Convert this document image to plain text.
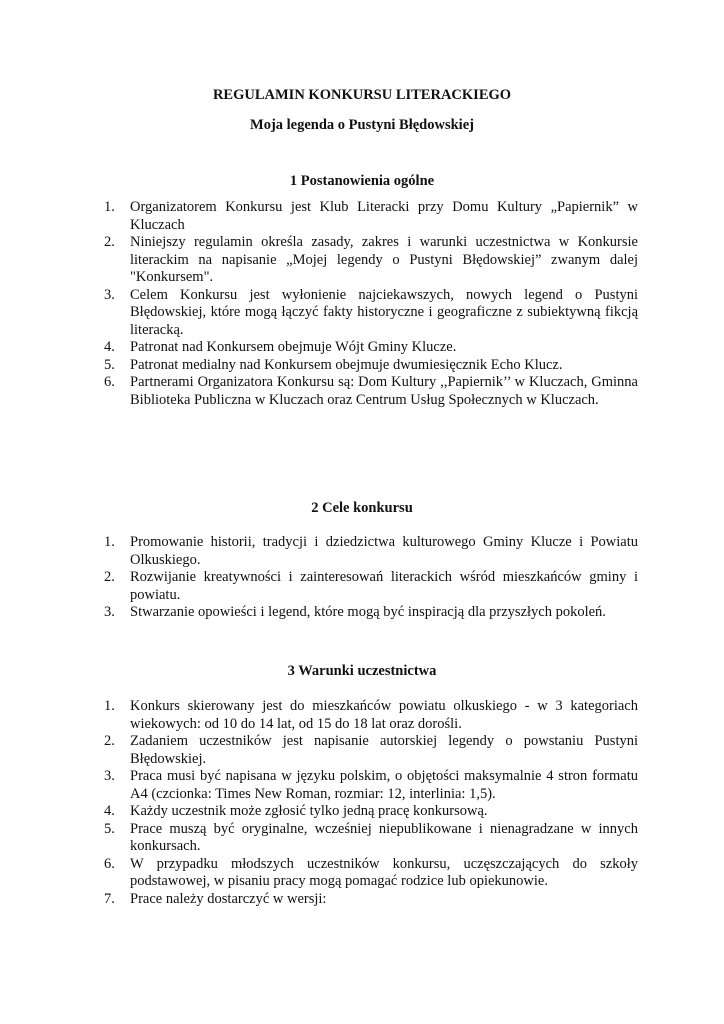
REGULAMIN KONKURSU LITERACKIEGO
Moja legenda o Pustyni Błędowskiej
1 Postanowienia ogólne
1.	Organizatorem Konkursu jest Klub Literacki przy Domu Kultury „Papiernik” w Kluczach
2.	Niniejszy regulamin określa zasady, zakres i warunki uczestnictwa w Konkursie literackim na napisanie „Mojej legendy o Pustyni Błędowskiej” zwanym dalej "Konkursem".
3.	Celem Konkursu jest wyłonienie najciekawszych, nowych legend o Pustyni Błędowskiej, które mogą łączyć fakty historyczne i geograficzne z subiektywną fikcją literacką.
4.	Patronat nad Konkursem obejmuje Wójt Gminy Klucze.
5.	Patronat medialny nad Konkursem obejmuje dwumiesięcznik Echo Klucz.
6.	Partnerami Organizatora Konkursu są: Dom Kultury ,,Papiernik’’ w Kluczach, Gminna Biblioteka Publiczna w Kluczach oraz Centrum Usług Społecznych w Kluczach.
2 Cele konkursu
1.	Promowanie historii, tradycji i dziedzictwa kulturowego Gminy Klucze i Powiatu Olkuskiego.
2.	Rozwijanie kreatywności i zainteresowań literackich wśród mieszkańców gminy i powiatu.
3.	Stwarzanie opowieści i legend, które mogą być inspiracją dla przyszłych pokoleń.
3 Warunki uczestnictwa
1.	Konkurs skierowany jest do mieszkańców powiatu olkuskiego - w 3 kategoriach wiekowych: od 10 do 14 lat, od 15 do 18 lat oraz dorośli.
2.	Zadaniem uczestników jest napisanie autorskiej legendy o powstaniu Pustyni Błędowskiej.
3.	Praca musi być napisana w języku polskim, o objętości maksymalnie 4 stron formatu A4 (czcionka: Times New Roman, rozmiar: 12, interlinia: 1,5).
4.	Każdy uczestnik może zgłosić tylko jedną pracę konkursową.
5.	Prace muszą być oryginalne, wcześniej niepublikowane i nienagradzane w innych konkursach.
6.	W przypadku młodszych uczestników konkursu, uczęszczających do szkoły podstawowej, w pisaniu pracy mogą pomagać rodzice lub opiekunowie.
7.	Prace należy dostarczyć w wersji:
